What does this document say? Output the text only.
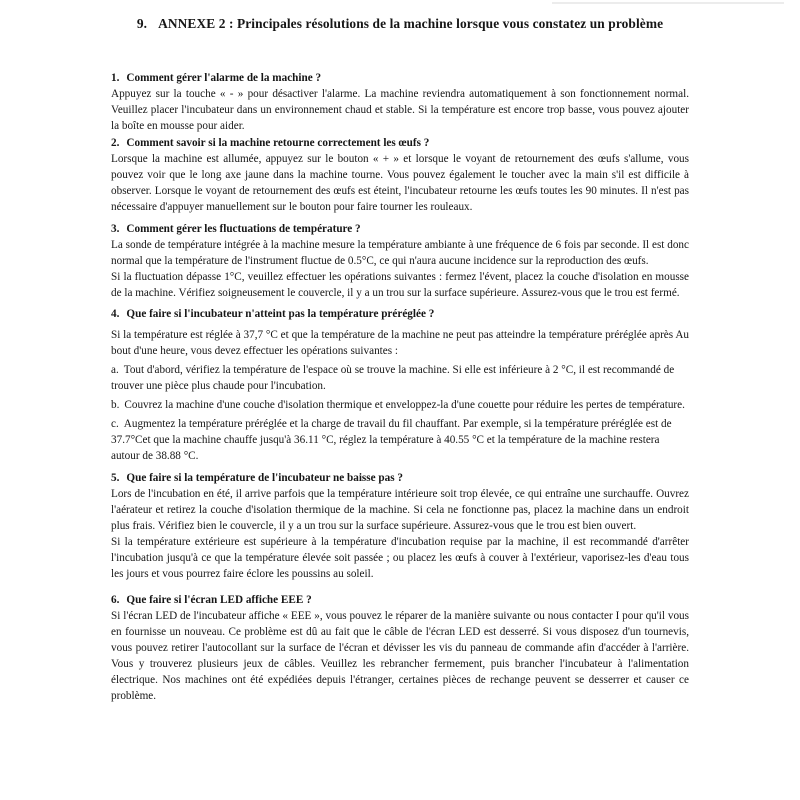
9. ANNEXE 2 : Principales résolutions de la machine lorsque vous constatez un problème
1. Comment gérer l'alarme de la machine ?

Appuyez sur la touche « - » pour désactiver l'alarme. La machine reviendra automatiquement à son fonctionnement normal. Veuillez placer l'incubateur dans un environnement chaud et stable. Si la température est encore trop basse, vous pouvez ajouter la boîte en mousse pour aider.

2. Comment savoir si la machine retourne correctement les œufs ?

Lorsque la machine est allumée, appuyez sur le bouton « + » et lorsque le voyant de retournement des œufs s'allume, vous pouvez voir que le long axe jaune dans la machine tourne. Vous pouvez également le toucher avec la main s'il est difficile à observer. Lorsque le voyant de retournement des œufs est éteint, l'incubateur retourne les œufs toutes les 90 minutes. Il n'est pas nécessaire d'appuyer manuellement sur le bouton pour faire tourner les rouleaux.

3. Comment gérer les fluctuations de température ?

La sonde de température intégrée à la machine mesure la température ambiante à une fréquence de 6 fois par seconde. Il est donc normal que la température de l'instrument fluctue de 0.5°C, ce qui n'aura aucune incidence sur la reproduction des œufs.

Si la fluctuation dépasse 1°C, veuillez effectuer les opérations suivantes : fermez l'évent, placez la couche d'isolation en mousse de la machine. Vérifiez soigneusement le couvercle, il y a un trou sur la surface supérieure. Assurez-vous que le trou est fermé.

4. Que faire si l'incubateur n'atteint pas la température préréglée ?

Si la température est réglée à 37,7 °C et que la température de la machine ne peut pas atteindre la température préréglée après Au bout d'une heure, vous devez effectuer les opérations suivantes :

a. Tout d'abord, vérifiez la température de l'espace où se trouve la machine. Si elle est inférieure à 2 °C, il est recommandé de trouver une pièce plus chaude pour l'incubation.

b. Couvrez la machine d'une couche d'isolation thermique et enveloppez-la d'une couette pour réduire les pertes de température.

c. Augmentez la température préréglée et la charge de travail du fil chauffant. Par exemple, si la température préréglée est de 37.7°Cet que la machine chauffe jusqu'à 36.11 °C, réglez la température à 40.55 °C et la température de la machine restera autour de 38.88 °C.

5. Que faire si la température de l'incubateur ne baisse pas ?

Lors de l'incubation en été, il arrive parfois que la température intérieure soit trop élevée, ce qui entraîne une surchauffe. Ouvrez l'aérateur et retirez la couche d'isolation thermique de la machine. Si cela ne fonctionne pas, placez la machine dans un endroit plus frais. Vérifiez bien le couvercle, il y a un trou sur la surface supérieure. Assurez-vous que le trou est bien ouvert.

Si la température extérieure est supérieure à la température d'incubation requise par la machine, il est recommandé d'arrêter l'incubation jusqu'à ce que la température élevée soit passée ; ou placez les œufs à couver à l'extérieur, vaporisez-les d'eau tous les jours et vous pourrez faire éclore les poussins au soleil.

6. Que faire si l'écran LED affiche EEE ?

Si l'écran LED de l'incubateur affiche « EEE », vous pouvez le réparer de la manière suivante ou nous contacter I pour qu'il vous en fournisse un nouveau. Ce problème est dû au fait que le câble de l'écran LED est desserré. Si vous disposez d'un tournevis, vous pouvez retirer l'autocollant sur la surface de l'écran et dévisser les vis du panneau de commande afin d'accéder à l'arrière. Vous y trouverez plusieurs jeux de câbles. Veuillez les rebrancher fermement, puis brancher l'incubateur à l'alimentation électrique. Nos machines ont été expédiées depuis l'étranger, certaines pièces de rechange peuvent se desserrer et causer ce problème.
